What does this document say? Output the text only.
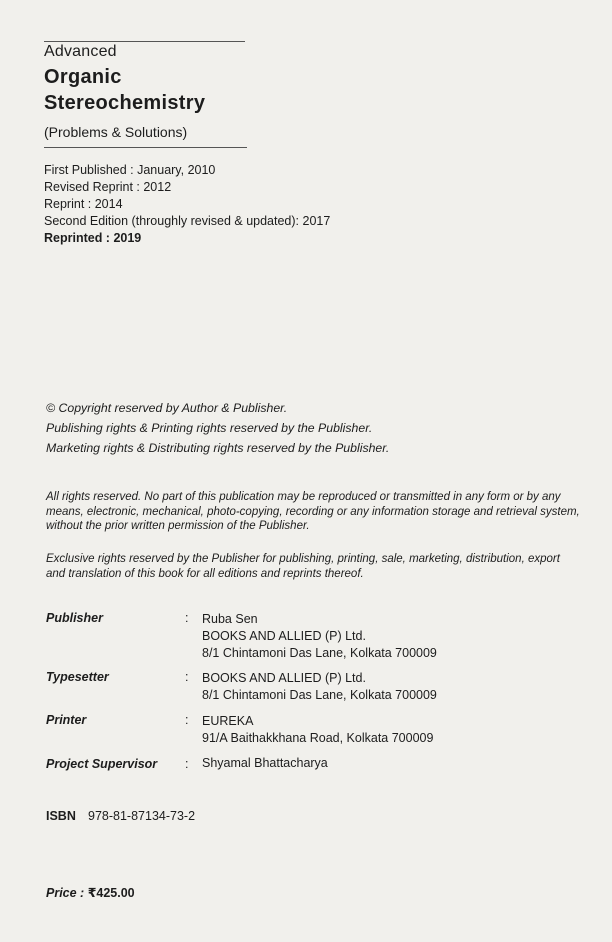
Advanced
Organic
Stereochemistry
(Problems & Solutions)
First Published : January, 2010
Revised Reprint : 2012
Reprint : 2014
Second Edition (throughly revised & updated): 2017
Reprinted : 2019
© Copyright reserved by Author & Publisher.
Publishing rights & Printing rights reserved by the Publisher.
Marketing rights & Distributing rights reserved by the Publisher.
All rights reserved. No part of this publication may be reproduced or transmitted in any form or by any means, electronic, mechanical, photo-copying, recording or any information storage and retrieval system, without the prior written permission of the Publisher.
Exclusive rights reserved by the Publisher for publishing, printing, sale, marketing, distribution, export and translation of this book for all editions and reprints thereof.
Publisher	: Ruba Sen
BOOKS AND ALLIED (P) Ltd.
8/1 Chintamoni Das Lane, Kolkata 700009
Typesetter	: BOOKS AND ALLIED (P) Ltd.
8/1 Chintamoni Das Lane, Kolkata 700009
Printer	: EUREKA
91/A Baithakkhana Road, Kolkata 700009
Project Supervisor : Shyamal Bhattacharya
ISBN 978-81-87134-73-2
Price : ₹425.00
